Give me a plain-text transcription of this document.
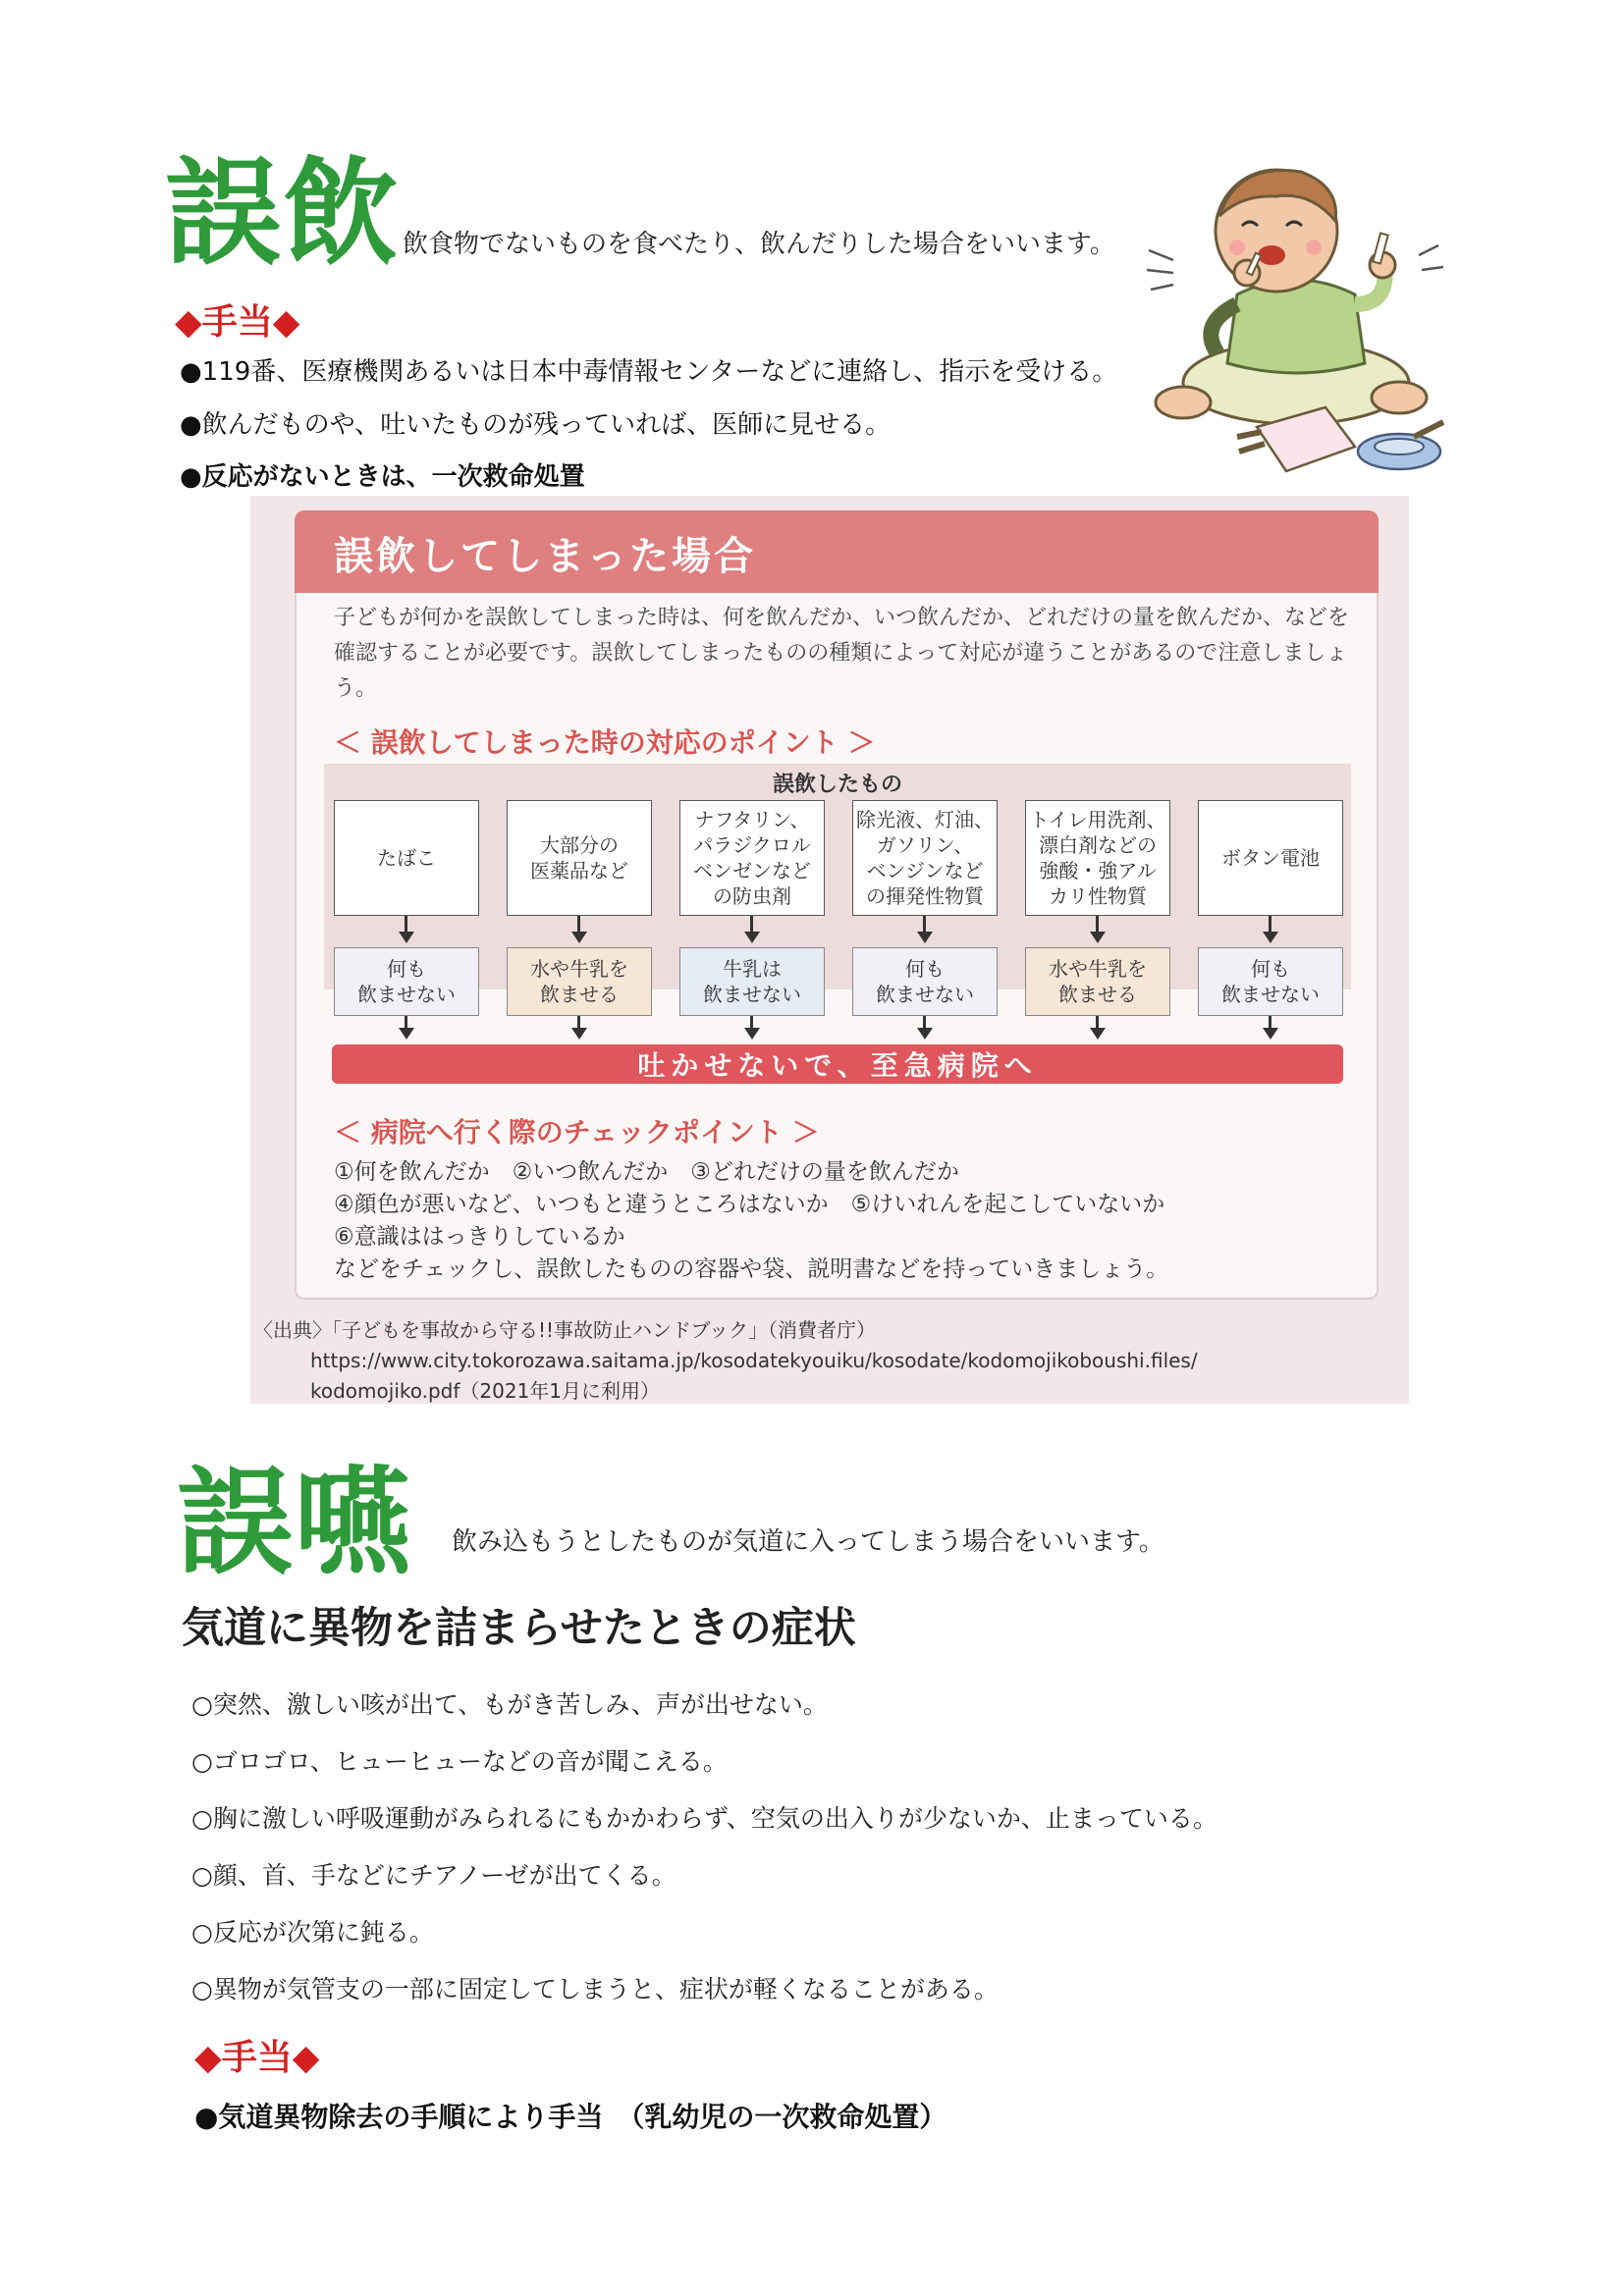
誤飲 飲食物でないものを食べたり、飲んだりした場合をいいます。
◆手当◆
●119番、医療機関あるいは日本中毒情報センターなどに連絡し、指示を受ける。
●飲んだものや、吐いたものが残っていれば、医師に見せる。
●反応がないときは、一次救命処置
誤飲してしまった場合
子どもが何かを誤飲してしまった時は、何を飲んだか、いつ飲んだか、どれだけの量を飲んだか、などを確認することが必要です。誤飲してしまったものの種類によって対応が違うことがあるので注意しましょう。
＜ 誤飲してしまった時の対応のポイント ＞
誤飲したもの
たばこ
何も
飲ませない
大部分の
医薬品など
水や牛乳を
飲ませる
ナフタリン、
パラジクロル
ベンゼンなど
の防虫剤
牛乳は
飲ませない
除光液、灯油、
ガソリン、
ベンジンなど
の揮発性物質
何も
飲ませない
トイレ用洗剤、
漂白剤などの
強酸・強アル
カリ性物質
水や牛乳を
飲ませる
ボタン電池
何も
飲ませない
吐かせないで、至急病院へ
＜ 病院へ行く際のチェックポイント ＞
①何を飲んだか　②いつ飲んだか　③どれだけの量を飲んだか
④顔色が悪いなど、いつもと違うところはないか　⑤けいれんを起こしていないか
⑥意識ははっきりしているか
などをチェックし、誤飲したものの容器や袋、説明書などを持っていきましょう。
〈出典〉「子どもを事故から守る!!事故防止ハンドブック」（消費者庁）
https://www.city.tokorozawa.saitama.jp/kosodatekyouiku/kosodate/kodomojikoboushi.files/
kodomojiko.pdf（2021年1月に利用）
誤嚥 飲み込もうとしたものが気道に入ってしまう場合をいいます。
気道に異物を詰まらせたときの症状
○突然、激しい咳が出て、もがき苦しみ、声が出せない。
○ゴロゴロ、ヒューヒューなどの音が聞こえる。
○胸に激しい呼吸運動がみられるにもかかわらず、空気の出入りが少ないか、止まっている。
○顔、首、手などにチアノーゼが出てくる。
○反応が次第に鈍る。
○異物が気管支の一部に固定してしまうと、症状が軽くなることがある。
◆手当◆
●気道異物除去の手順により手当　（乳幼児の一次救命処置）
